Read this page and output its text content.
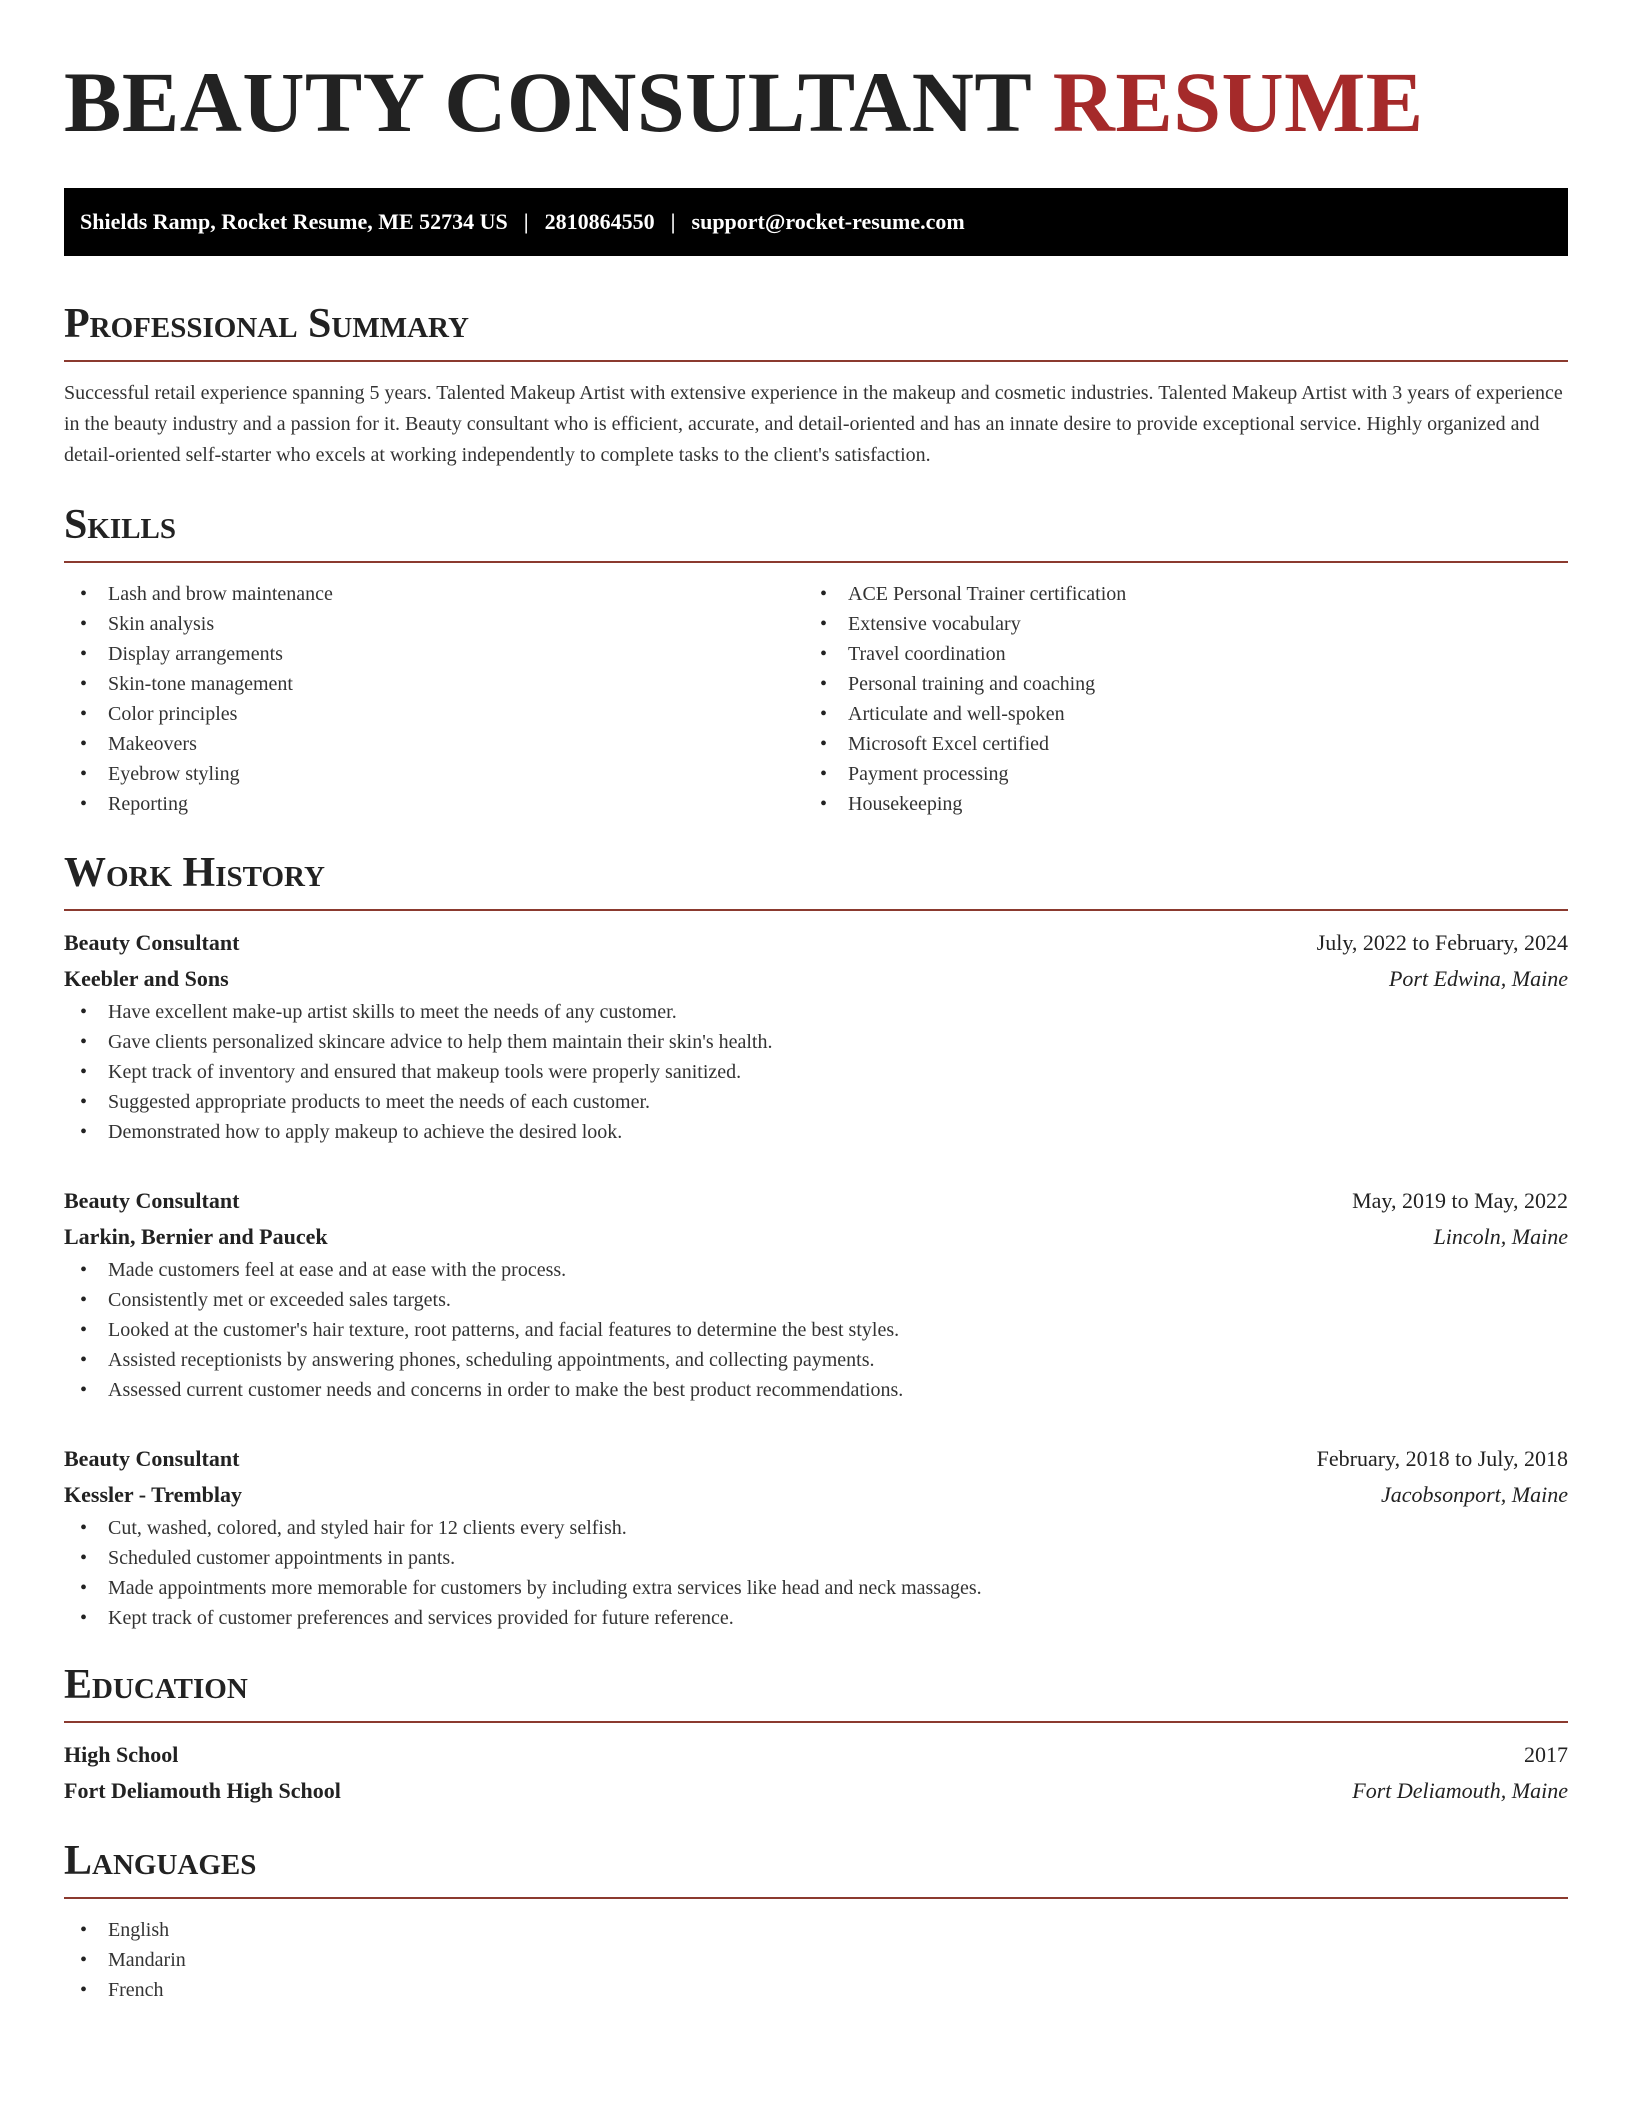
BEAUTY CONSULTANT RESUME
Shields Ramp, Rocket Resume, ME 52734 US | 2810864550 | support@rocket-resume.com
Professional Summary

Successful retail experience spanning 5 years. Talented Makeup Artist with extensive experience in the makeup and cosmetic industries. Talented Makeup Artist with 3 years of experience in the beauty industry and a passion for it. Beauty consultant who is efficient, accurate, and detail-oriented and has an innate desire to provide exceptional service. Highly organized and detail-oriented self-starter who excels at working independently to complete tasks to the client's satisfaction.

Skills
• Lash and brow maintenance
• Skin analysis
• Display arrangements
• Skin-tone management
• Color principles
• Makeovers
• Eyebrow styling
• Reporting
• ACE Personal Trainer certification
• Extensive vocabulary
• Travel coordination
• Personal training and coaching
• Articulate and well-spoken
• Microsoft Excel certified
• Payment processing
• Housekeeping
Work History
Beauty Consultant	July, 2022 to February, 2024
Keebler and Sons	Port Edwina, Maine
• Have excellent make-up artist skills to meet the needs of any customer.
• Gave clients personalized skincare advice to help them maintain their skin's health.
• Kept track of inventory and ensured that makeup tools were properly sanitized.
• Suggested appropriate products to meet the needs of each customer.
• Demonstrated how to apply makeup to achieve the desired look.
Beauty Consultant	May, 2019 to May, 2022
Larkin, Bernier and Paucek	Lincoln, Maine
• Made customers feel at ease and at ease with the process.
• Consistently met or exceeded sales targets.
• Looked at the customer's hair texture, root patterns, and facial features to determine the best styles.
• Assisted receptionists by answering phones, scheduling appointments, and collecting payments.
• Assessed current customer needs and concerns in order to make the best product recommendations.
Beauty Consultant	February, 2018 to July, 2018
Kessler - Tremblay	Jacobsonport, Maine
• Cut, washed, colored, and styled hair for 12 clients every selfish.
• Scheduled customer appointments in pants.
• Made appointments more memorable for customers by including extra services like head and neck massages.
• Kept track of customer preferences and services provided for future reference.
Education
High School	2017
Fort Deliamouth High School	Fort Deliamouth, Maine
Languages
• English
• Mandarin
• French
